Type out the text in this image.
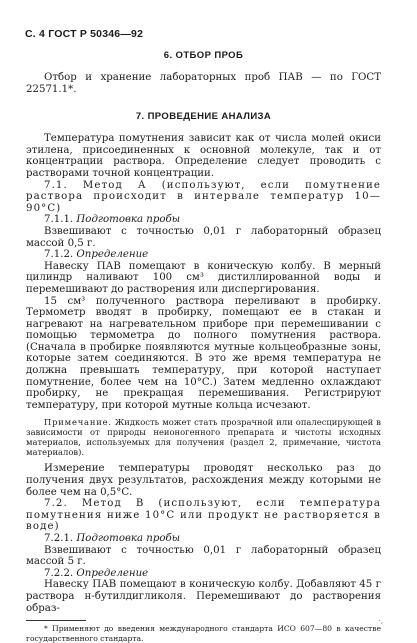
С. 4 ГОСТ Р 50346—92
6. ОТБОР ПРОБ

Отбор и хранение лабораторных проб ПАВ — по ГОСТ 22571.1*.

7. ПРОВЕДЕНИЕ АНАЛИЗА

Температура помутнения зависит как от числа молей окиси этилена, присоединенных к основной молекуле, так и от концентрации раствора. Определение следует проводить с растворами точной концентрации.

7.1. Метод А (используют, если помутнение раствора происходит в интервале температур 10—90°С)

7.1.1. Подготовка пробы

Взвешивают с точностью 0,01 г лабораторный образец массой 0,5 г.

7.1.2. Определение

Навеску ПАВ помещают в коническую колбу. В мерный цилиндр наливают 100 см³ дистиллированной воды и перемешивают до растворения или диспергирования.

15 см³ полученного раствора переливают в пробирку. Термометр вводят в пробирку, помещают ее в стакан и нагревают на нагревательном приборе при перемешивании с помощью термометра до полного помутнения раствора. (Сначала в пробирке появляются мутные кольцеобразные зоны, которые затем соединяются. В это же время температура не должна превышать температуру, при которой наступает помутнение, более чем на 10°С.) Затем медленно охлаждают пробирку, не прекращая перемешивания. Регистрируют температуру, при которой мутные кольца исчезают.

Примечание. Жидкость может стать прозрачной или опалесцирующей в зависимости от природы неионогенного препарата и чистоты исходных материалов, используемых для получения (раздел 2, примечание, чистота материалов).

Измерение температуры проводят несколько раз до получения двух результатов, расхождения между которыми не более чем на 0,5°С.

7.2. Метод В (используют, если температура помутнения ниже 10°С или продукт не растворяется в воде)

7.2.1. Подготовка пробы

Взвешивают с точностью 0,01 г лабораторный образец массой 5 г.

7.2.2. Определение

Навеску ПАВ помещают в коническую колбу. Добавляют 45 г раствора н-бутилдигликоля. Перемешивают до растворения образ-

* Применяют до введения международного стандарта ИСО 607—80 в качестве государственного стандарта.

·‚
